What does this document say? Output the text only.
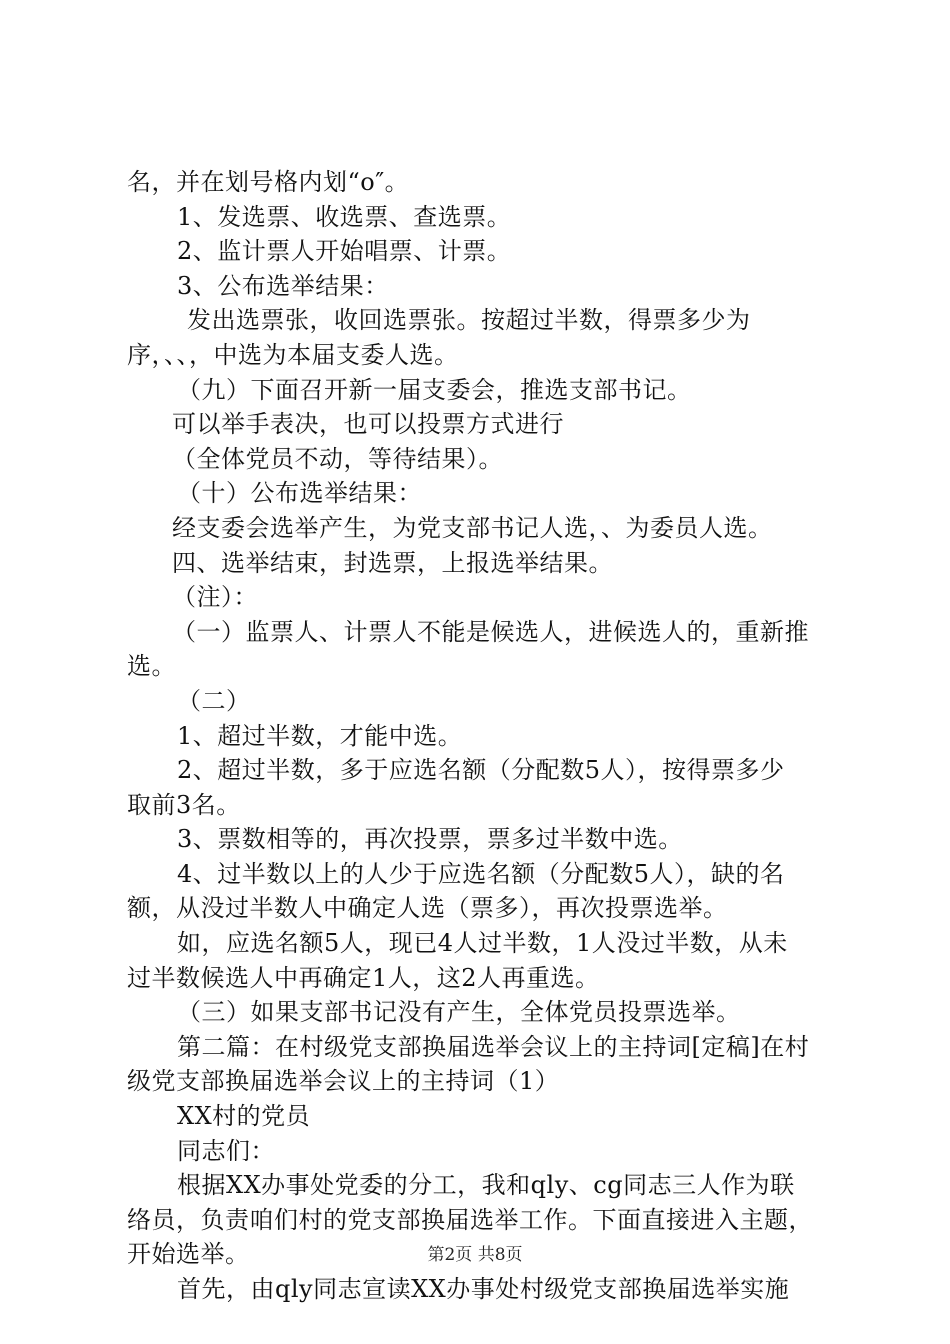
名，并在划号格内划“o″。
1、发选票、收选票、查选票。
2、监计票人开始唱票、计票。
3、公布选举结果：
发出选票张，收回选票张。按超过半数，得票多少为
序，、、，中选为本届支委人选。
（九）下面召开新一届支委会，推选支部书记。
可以举手表决，也可以投票方式进行
（全体党员不动，等待结果）。
（十）公布选举结果：
经支委会选举产生，为党支部书记人选，、为委员人选。
四、选举结束，封选票，上报选举结果。
（注）：
（一）监票人、计票人不能是候选人，进候选人的，重新推
选。
（二）
1、超过半数，才能中选。
2、超过半数，多于应选名额（分配数5人），按得票多少
取前3名。
3、票数相等的，再次投票，票多过半数中选。
4、过半数以上的人少于应选名额（分配数5人），缺的名
额，从没过半数人中确定人选（票多），再次投票选举。
如，应选名额5人，现已4人过半数，1人没过半数，从未
过半数候选人中再确定1人，这2人再重选。
（三）如果支部书记没有产生，全体党员投票选举。
第二篇：在村级党支部换届选举会议上的主持词[定稿]在村
级党支部换届选举会议上的主持词（1）
XX村的党员
同志们：
根据XX办事处党委的分工，我和qly、cg同志三人作为联
络员，负责咱们村的党支部换届选举工作。下面直接进入主题，
开始选举。
首先，由qly同志宣读XX办事处村级党支部换届选举实施
第2页 共8页
